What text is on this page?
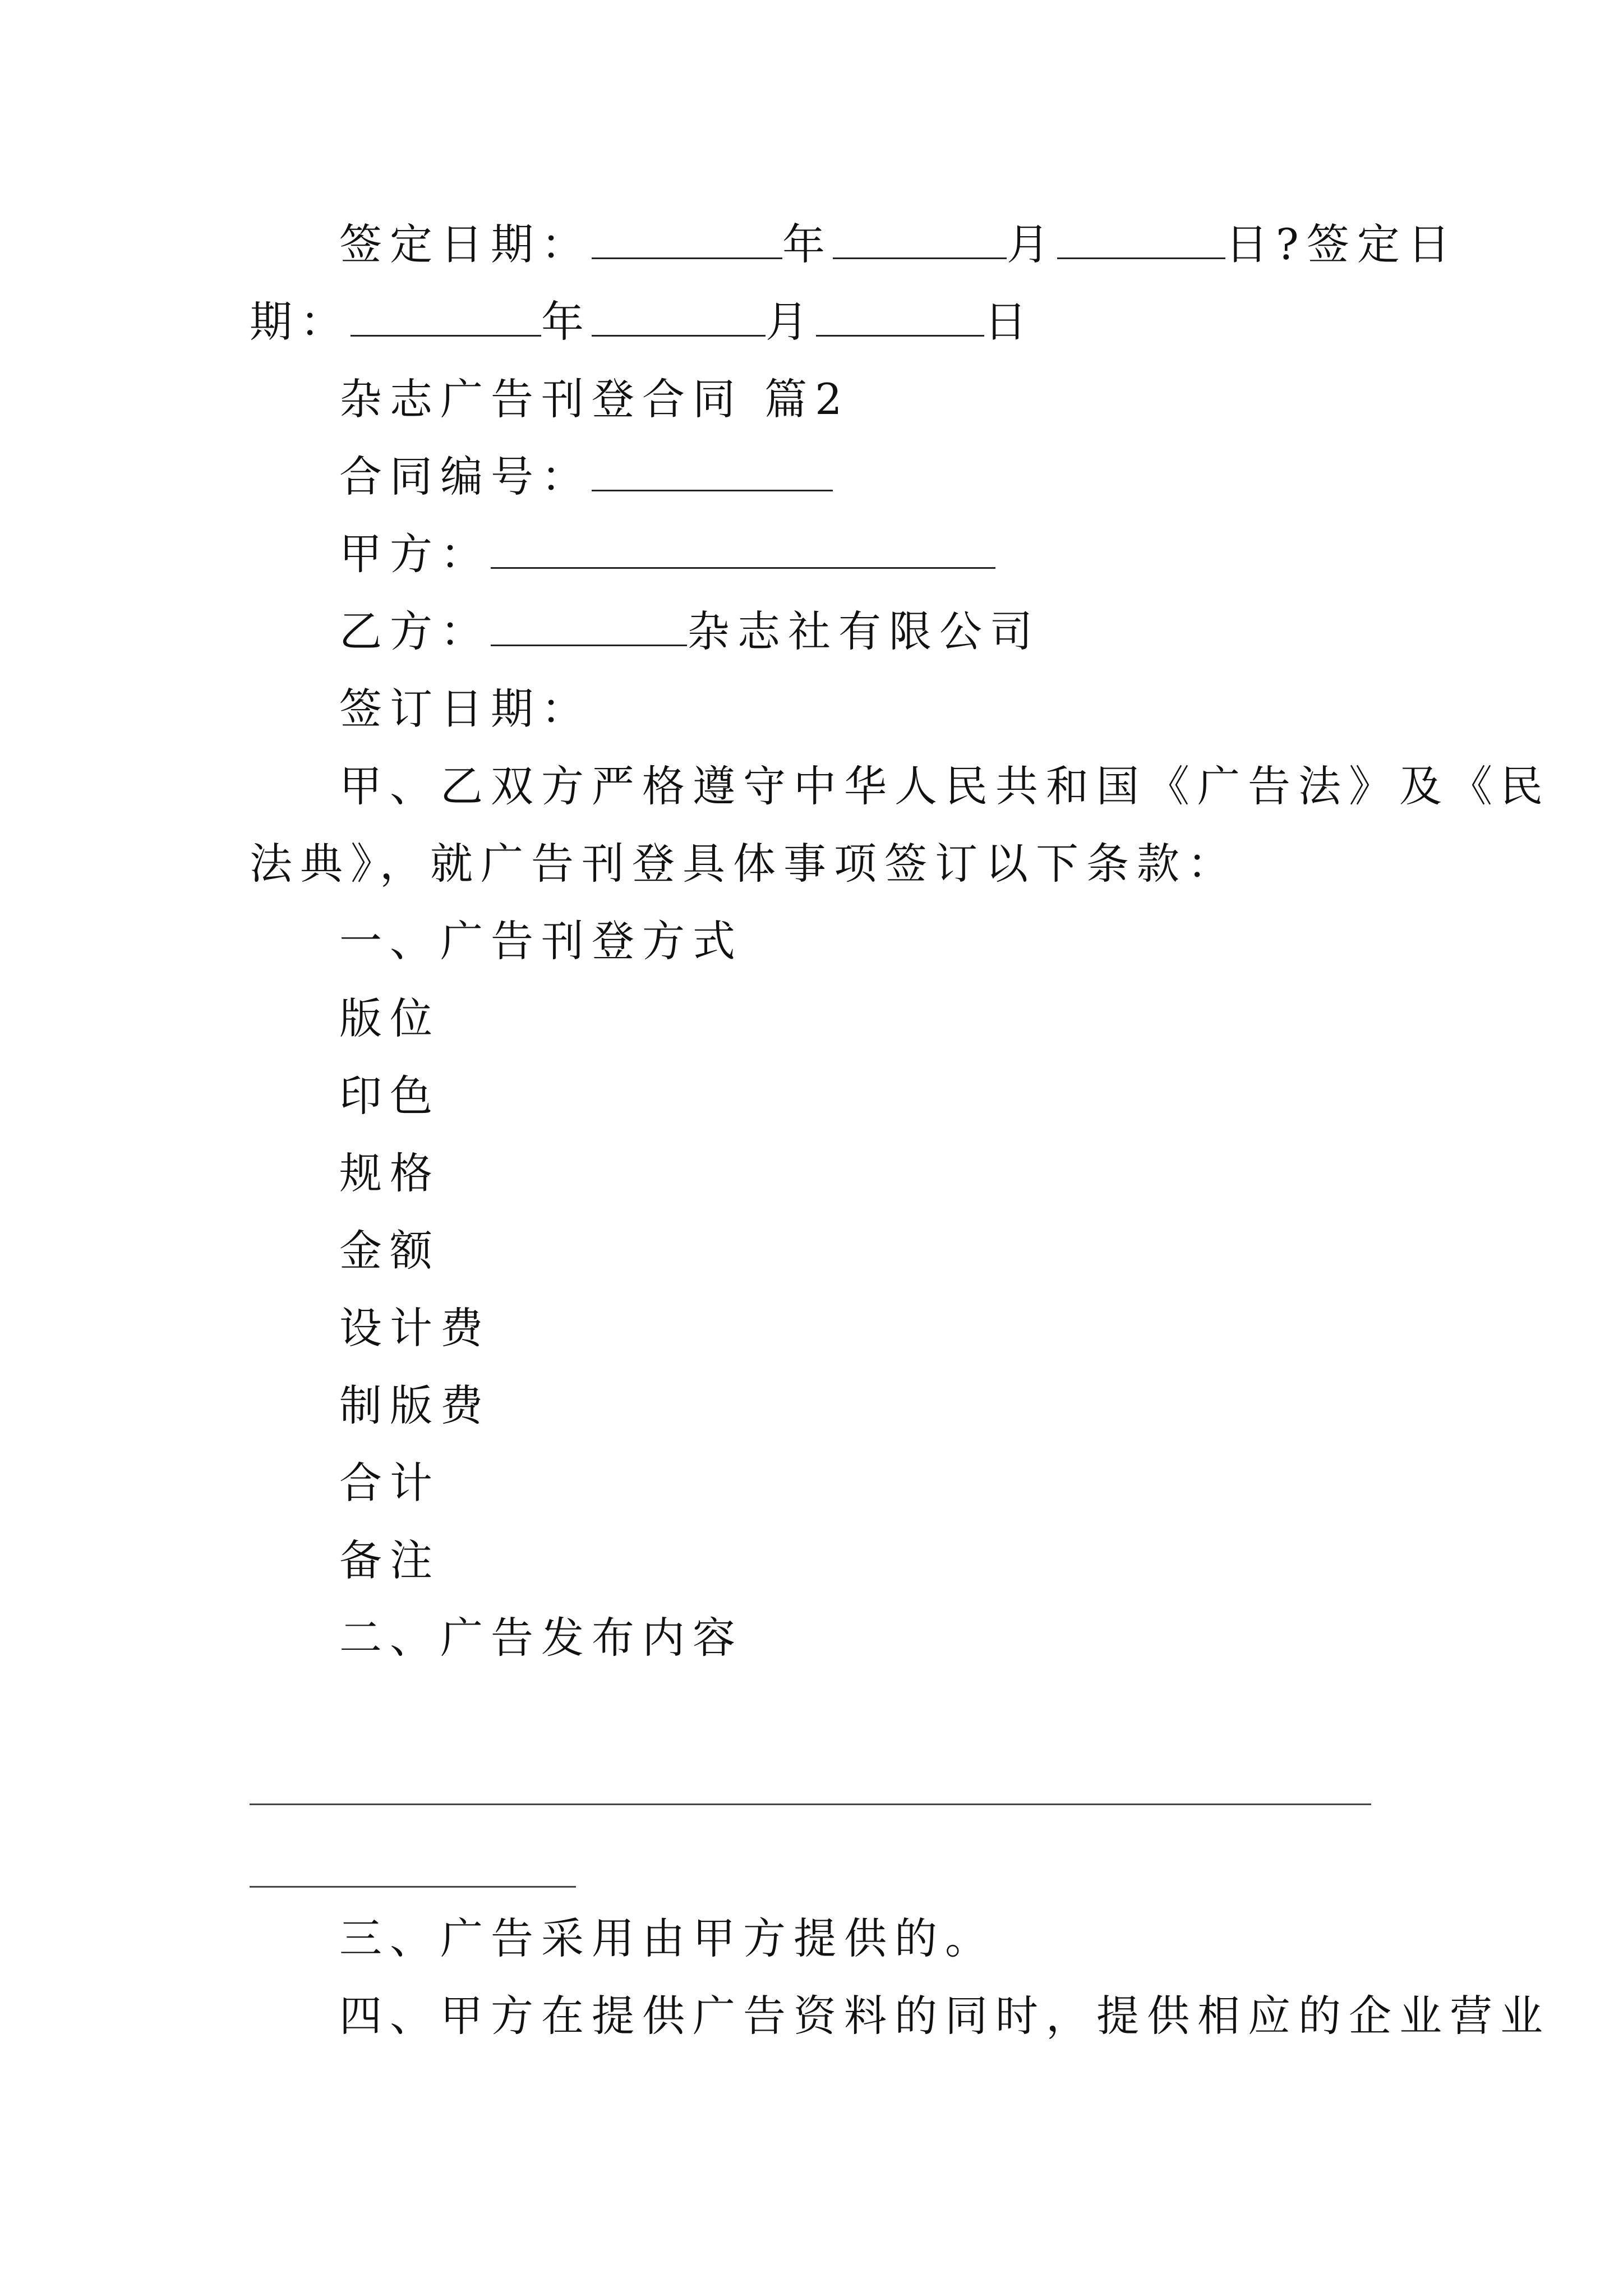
签定日期：	年	月	日?签定日
期：	年	月	日
杂志广告刊登合同 篇2
合同编号：
甲方：
乙方：	杂志社有限公司
签订日期：
甲、乙双方严格遵守中华人民共和国《广告法》及《民
法典》，就广告刊登具体事项签订以下条款：
一、广告刊登方式
版位
印色
规格
金额
设计费
制版费
合计
备注
二、广告发布内容
三、广告采用由甲方提供的。
四、甲方在提供广告资料的同时，提供相应的企业营业
